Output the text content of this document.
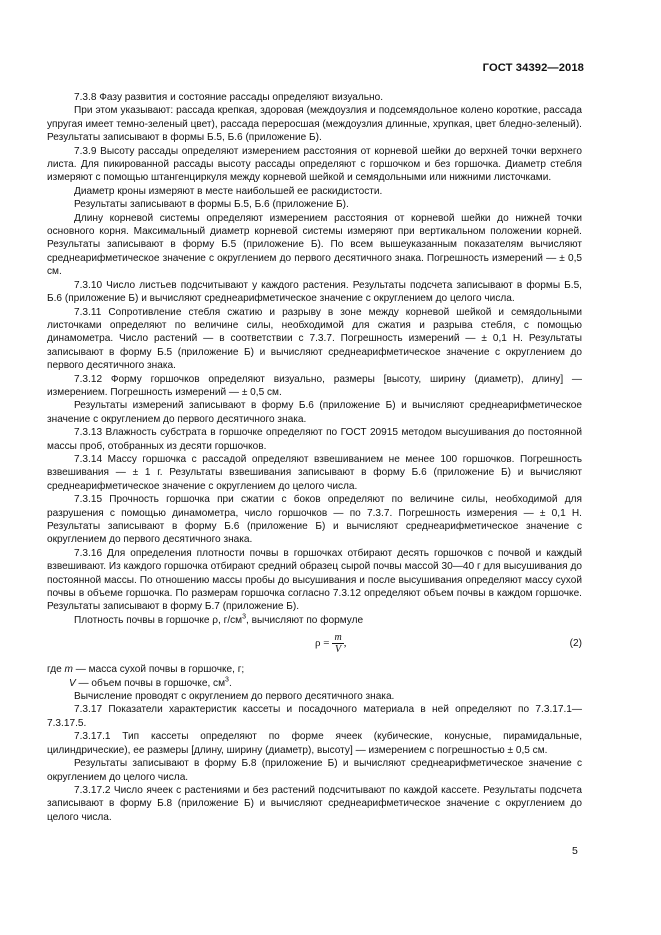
ГОСТ 34392—2018

7.3.8 Фазу развития и состояние рассады определяют визуально.

При этом указывают: рассада крепкая, здоровая (междоузлия и подсемядольное колено короткие, рассада упругая имеет темно-зеленый цвет), рассада переросшая (междоузлия длинные, хрупкая, цвет бледно-зеленый). Результаты записывают в формы Б.5, Б.6 (приложение Б).

7.3.9 Высоту рассады определяют измерением расстояния от корневой шейки до верхней точки верхнего листа. Для пикированной рассады высоту рассады определяют с горшочком и без горшочка. Диаметр стебля измеряют с помощью штангенциркуля между корневой шейкой и семядольными или нижними листочками.

Диаметр кроны измеряют в месте наибольшей ее раскидистости.

Результаты записывают в формы Б.5, Б.6 (приложение Б).

Длину корневой системы определяют измерением расстояния от корневой шейки до нижней точки основного корня. Максимальный диаметр корневой системы измеряют при вертикальном положении корней. Результаты записывают в форму Б.5 (приложение Б). По всем вышеуказанным показателям вычисляют среднеарифметическое значение с округлением до первого десятичного знака. Погрешность измерений — ± 0,5 см.

7.3.10 Число листьев подсчитывают у каждого растения. Результаты подсчета записывают в формы Б.5, Б.6 (приложение Б) и вычисляют среднеарифметическое значение с округлением до целого числа.

7.3.11 Сопротивление стебля сжатию и разрыву в зоне между корневой шейкой и семядольными листочками определяют по величине силы, необходимой для сжатия и разрыва стебля, с помощью динамометра. Число растений — в соответствии с 7.3.7. Погрешность измерений — ± 0,1 Н. Результаты записывают в форму Б.5 (приложение Б) и вычисляют среднеарифметическое значение с округлением до первого десятичного знака.

7.3.12 Форму горшочков определяют визуально, размеры [высоту, ширину (диаметр), длину] — измерением. Погрешность измерений — ± 0,5 см.

Результаты измерений записывают в форму Б.6 (приложение Б) и вычисляют среднеарифметическое значение с округлением до первого десятичного знака.

7.3.13 Влажность субстрата в горшочке определяют по ГОСТ 20915 методом высушивания до постоянной массы проб, отобранных из десяти горшочков.

7.3.14 Массу горшочка с рассадой определяют взвешиванием не менее 100 горшочков. Погрешность взвешивания — ± 1 г. Результаты взвешивания записывают в форму Б.6 (приложение Б) и вычисляют среднеарифметическое значение с округлением до целого числа.

7.3.15 Прочность горшочка при сжатии с боков определяют по величине силы, необходимой для разрушения с помощью динамометра, число горшочков — по 7.3.7. Погрешность измерения — ± 0,1 Н. Результаты записывают в форму Б.6 (приложение Б) и вычисляют среднеарифметическое значение с округлением до первого десятичного знака.

7.3.16 Для определения плотности почвы в горшочках отбирают десять горшочков с почвой и каждый взвешивают. Из каждого горшочка отбирают средний образец сырой почвы массой 30—40 г для высушивания до постоянной массы. По отношению массы пробы до высушивания и после высушивания определяют массу сухой почвы в объеме горшочка. По размерам горшочка согласно 7.3.12 определяют объем почвы в каждом горшочке. Результаты записывают в форму Б.7 (приложение Б).

Плотность почвы в горшочке ρ, $г/см^3$, вычисляют по формуле

$\rho = \frac{m}{V}$ ,	(2)

где m — масса сухой почвы в горшочке, г;

V — объем почвы в горшочке, $см^3$.

Вычисление проводят с округлением до первого десятичного знака.

7.3.17 Показатели характеристик кассеты и посадочного материала в ней определяют по 7.3.17.1—7.3.17.5.

7.3.17.1 Тип кассеты определяют по форме ячеек (кубические, конусные, пирамидальные, цилиндрические), ее размеры [длину, ширину (диаметр), высоту] — измерением с погрешностью ± 0,5 см.

Результаты записывают в форму Б.8 (приложение Б) и вычисляют среднеарифметическое значение с округлением до целого числа.

7.3.17.2 Число ячеек с растениями и без растений подсчитывают по каждой кассете. Результаты подсчета записывают в форму Б.8 (приложение Б) и вычисляют среднеарифметическое значение с округлением до целого числа.

5
